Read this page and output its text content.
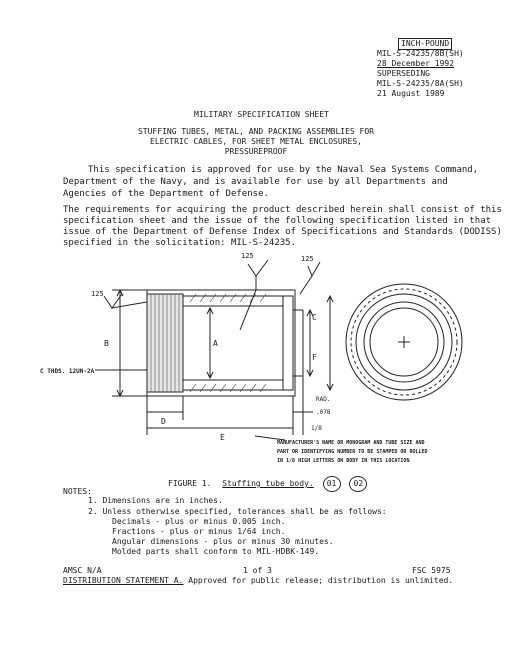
INCH-POUND
MIL-S-24235/8B(SH)
28 December 1992
SUPERSEDING
MIL-S-24235/8A(SH)
21 August 1989
MILITARY SPECIFICATION SHEET
STUFFING TUBES, METAL, AND PACKING ASSEMBLIES FOR
ELECTRIC CABLES, FOR SHEET METAL ENCLOSURES,
PRESSUREPROOF
This specification is approved for use by the Naval Sea Systems Command,
Department of the Navy, and is available for use by all Departments and
Agencies of the Department of Defense.
The requirements for acquiring the product described herein shall consist of this
specification sheet and the issue of the following specification listed in that
issue of the Department of Defense Index of Specifications and Standards (DODISS)
specified in the solicitation: MIL-S-24235.
125	125
125
A
B
C
D
E
F
C THDS. 12UN-2A
RAD.
.078
1/8
MANUFACTURER'S NAME OR MONOGRAM AND TUBE SIZE AND
PART OR IDENTIFYING NUMBER TO BE STAMPED OR ROLLED
IN 1/8 HIGH LETTERS ON BODY IN THIS LOCATION
FIGURE 1. Stuffing tube body. 01 02
NOTES:
1. Dimensions are in inches.
2. Unless otherwise specified, tolerances shall be as follows:
Decimals - plus or minus 0.005 inch.
Fractions - plus or minus 1/64 inch.
Angular dimensions - plus or minus 30 minutes.
Molded parts shall conform to MIL-HDBK-149.
AMSC N/A	1 of 3	FSC 5975
DISTRIBUTION STATEMENT A. Approved for public release; distribution is unlimited.
